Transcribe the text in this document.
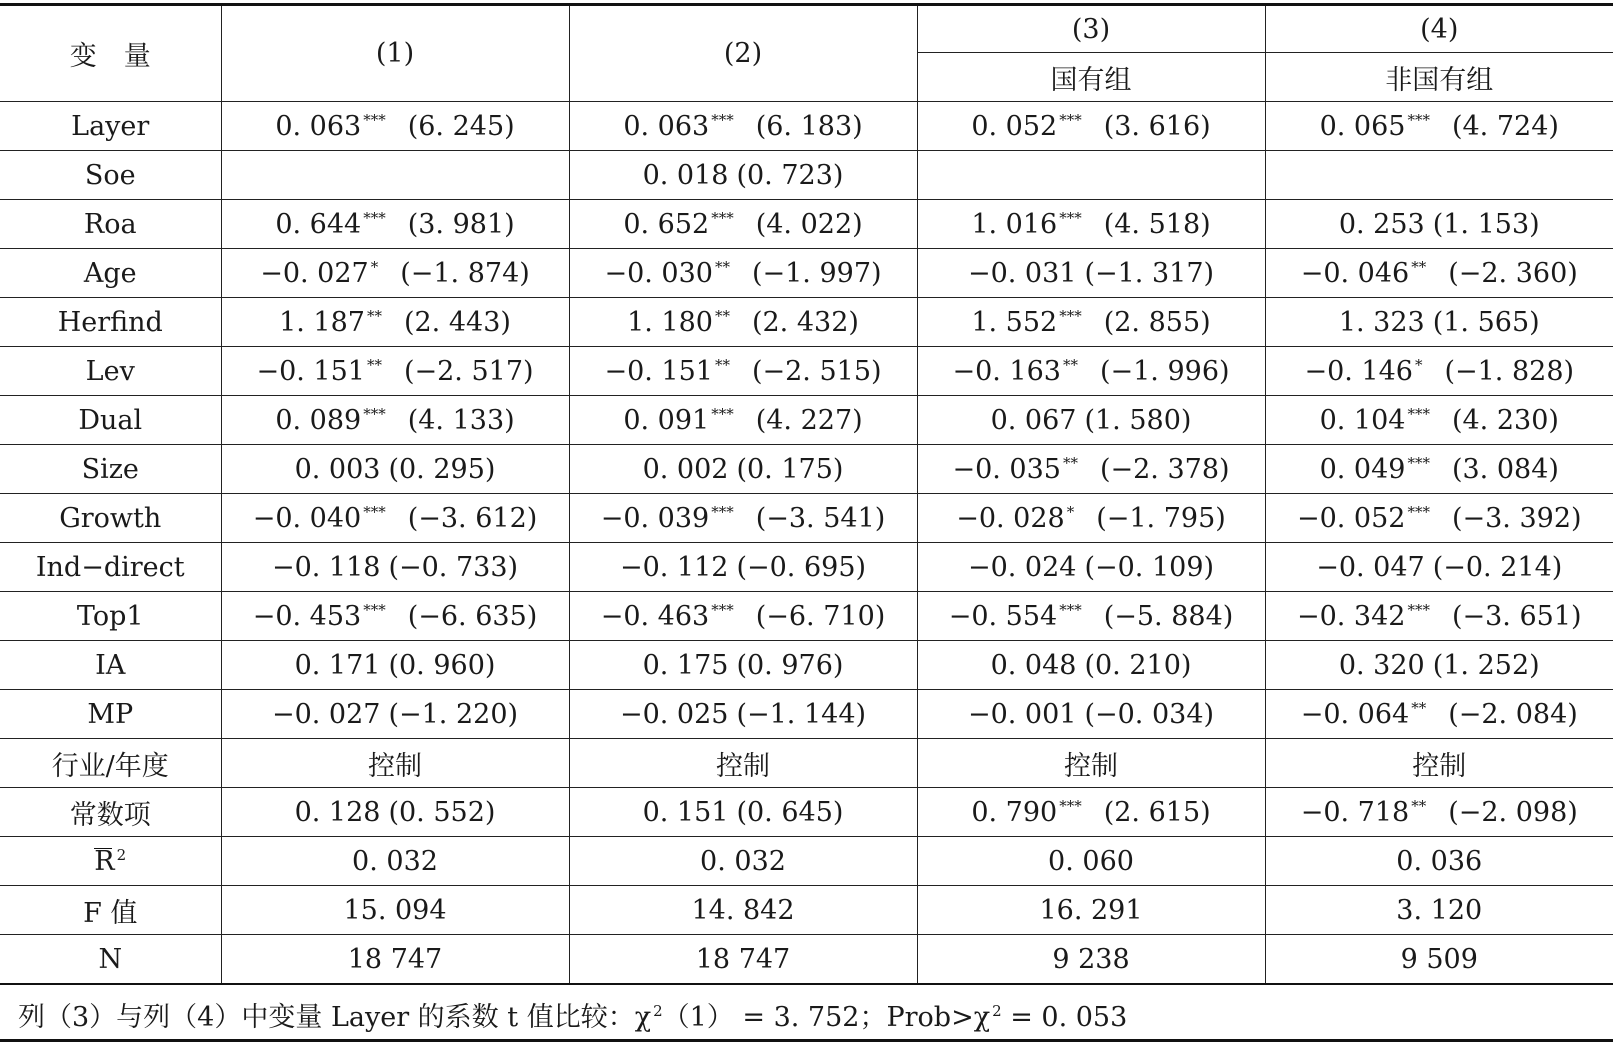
变　量	(1)	(2)	(3)	(4)
			国有组	非国有组
Layer	0. 063 *** (6. 245)	0. 063 *** (6. 183)	0. 052 *** (3. 616)	0. 065 *** (4. 724)
Soe		0. 018 (0. 723)		
Roa	0. 644 *** (3. 981)	0. 652 *** (4. 022)	1. 016 *** (4. 518)	0. 253 (1. 153)
Age	−0. 027 * (−1. 874)	−0. 030 ** (−1. 997)	−0. 031 (−1. 317)	−0. 046 ** (−2. 360)
Herfind	1. 187 ** (2. 443)	1. 180 ** (2. 432)	1. 552 *** (2. 855)	1. 323 (1. 565)
Lev	−0. 151 ** (−2. 517)	−0. 151 ** (−2. 515)	−0. 163 ** (−1. 996)	−0. 146 * (−1. 828)
Dual	0. 089 *** (4. 133)	0. 091 *** (4. 227)	0. 067 (1. 580)	0. 104 *** (4. 230)
Size	0. 003 (0. 295)	0. 002 (0. 175)	−0. 035 ** (−2. 378)	0. 049 *** (3. 084)
Growth	−0. 040 *** (−3. 612)	−0. 039 *** (−3. 541)	−0. 028 * (−1. 795)	−0. 052 *** (−3. 392)
Ind−direct	−0. 118 (−0. 733)	−0. 112 (−0. 695)	−0. 024 (−0. 109)	−0. 047 (−0. 214)
Top1	−0. 453 *** (−6. 635)	−0. 463 *** (−6. 710)	−0. 554 *** (−5. 884)	−0. 342 *** (−3. 651)
IA	0. 171 (0. 960)	0. 175 (0. 976)	0. 048 (0. 210)	0. 320 (1. 252)
MP	−0. 027 (−1. 220)	−0. 025 (−1. 144)	−0. 001 (−0. 034)	−0. 064 ** (−2. 084)
行业/年度	控制	控制	控制	控制
常数项	0. 128 (0. 552)	0. 151 (0. 645)	0. 790 *** (2. 615)	−0. 718 ** (−2. 098)

R $^2$	0. 032	0. 032	0. 060	0. 036
F 值	15. 094	14. 842	16. 291	3. 120
N	18 747	18 747	9 238	9 509
列（3）与列（4）中变量 Layer 的系数 t 值比较：χ $^2$（1） = 3. 752；Prob>χ $^2$ = 0. 053
